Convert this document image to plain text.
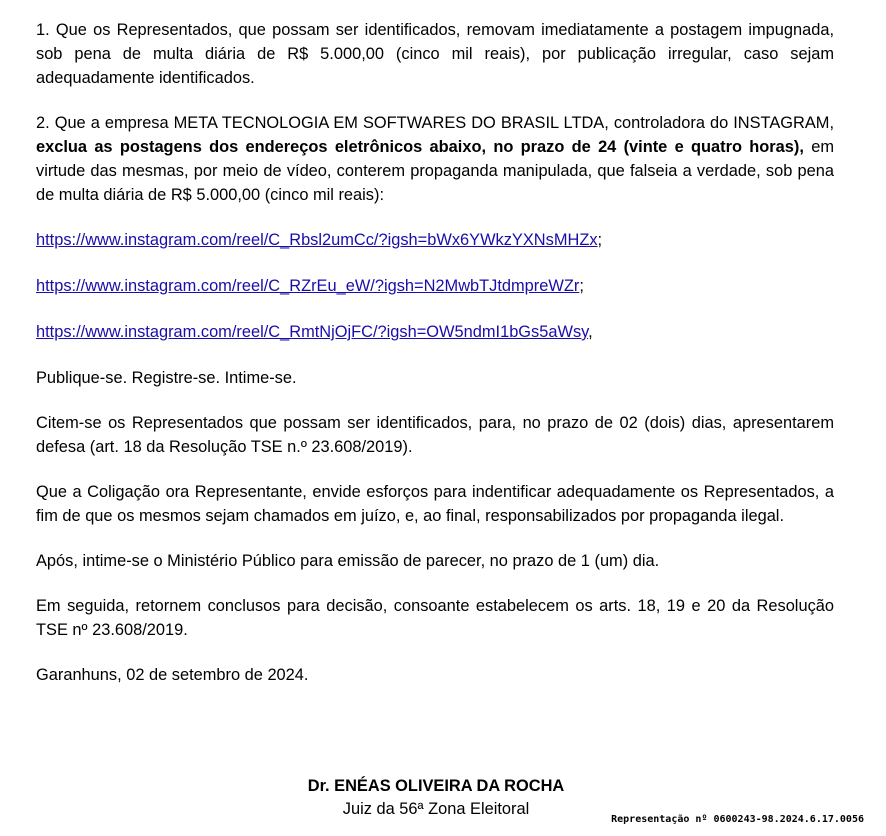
1. Que os Representados, que possam ser identificados, removam imediatamente a postagem impugnada, sob pena de multa diária de R$ 5.000,00 (cinco mil reais), por publicação irregular, caso sejam adequadamente identificados.

2. Que a empresa META TECNOLOGIA EM SOFTWARES DO BRASIL LTDA, controladora do INSTAGRAM, exclua as postagens dos endereços eletrônicos abaixo, no prazo de 24 (vinte e quatro horas), em virtude das mesmas, por meio de vídeo, conterem propaganda manipulada, que falseia a verdade, sob pena de multa diária de R$ 5.000,00 (cinco mil reais):

https://www.instagram.com/reel/C_Rbsl2umCc/?igsh=bWx6YWkzYXNsMHZx;

https://www.instagram.com/reel/C_RZrEu_eW/?igsh=N2MwbTJtdmpreWZr;

https://www.instagram.com/reel/C_RmtNjOjFC/?igsh=OW5ndmI1bGs5aWsy,

Publique-se. Registre-se. Intime-se.

Citem-se os Representados que possam ser identificados, para, no prazo de 02 (dois) dias, apresentarem defesa (art. 18 da Resolução TSE n.º 23.608/2019).

Que a Coligação ora Representante, envide esforços para indentificar adequadamente os Representados, a fim de que os mesmos sejam chamados em juízo, e, ao final, responsabilizados por propaganda ilegal.

Após, intime-se o Ministério Público para emissão de parecer, no prazo de 1 (um) dia.

Em seguida, retornem conclusos para decisão, consoante estabelecem os arts. 18, 19 e 20 da Resolução TSE nº 23.608/2019.

Garanhuns, 02 de setembro de 2024.

Dr. ENÉAS OLIVEIRA DA ROCHA
Juiz da 56ª Zona Eleitoral
Representação nº 0600243-98.2024.6.17.0056
